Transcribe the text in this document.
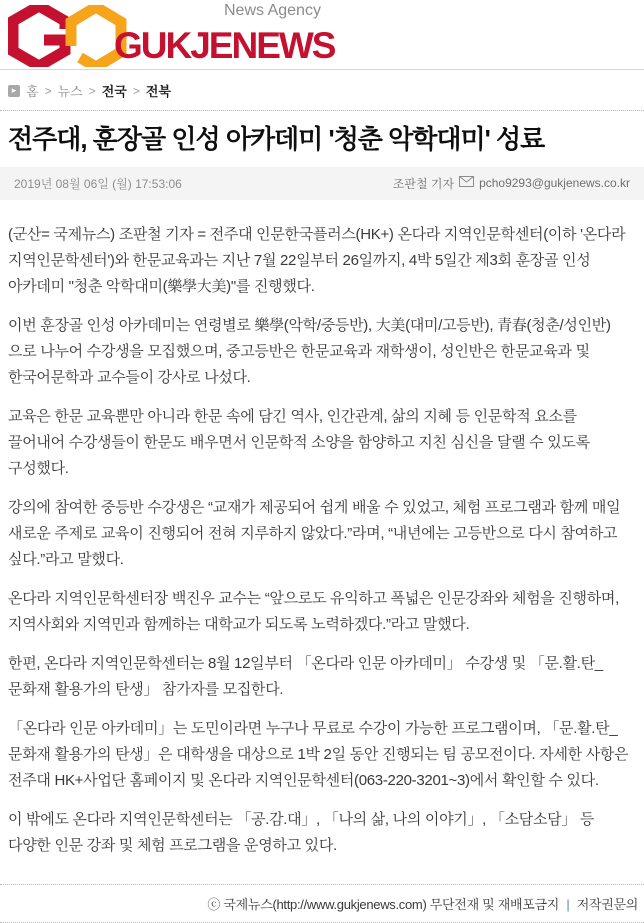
News Agency
GUKJENEWS
▸ 홈 > 뉴스 > 전국 > 전북
전주대, 훈장골 인성 아카데미 '청춘 악학대미' 성료
2019년 08월 06일 (월) 17:53:06	조판철 기자 pcho9293@gukjenews.co.kr

(군산= 국제뉴스) 조판철 기자 = 전주대 인문한국플러스(HK+) 온다라 지역인문학센터(이하 '온다라 지역인문학센터')와 한문교육과는 지난 7월 22일부터 26일까지, 4박 5일간 제3회 훈장골 인성 아카데미 "청춘 악학대미(樂學大美)"를 진행했다.

이번 훈장골 인성 아카데미는 연령별로 樂學(악학/중등반), 大美(대미/고등반), 青春(청춘/성인반)으로 나누어 수강생을 모집했으며, 중고등반은 한문교육과 재학생이, 성인반은 한문교육과 및 한국어문학과 교수들이 강사로 나섰다.

교육은 한문 교육뿐만 아니라 한문 속에 담긴 역사, 인간관계, 삶의 지혜 등 인문학적 요소를 끌어내어 수강생들이 한문도 배우면서 인문학적 소양을 함양하고 지친 심신을 달랠 수 있도록 구성했다.

강의에 참여한 중등반 수강생은 “교재가 제공되어 쉽게 배울 수 있었고, 체험 프로그램과 함께 매일 새로운 주제로 교육이 진행되어 전혀 지루하지 않았다.”라며, “내년에는 고등반으로 다시 참여하고 싶다.”라고 말했다.

온다라 지역인문학센터장 백진우 교수는 “앞으로도 유익하고 폭넓은 인문강좌와 체험을 진행하며, 지역사회와 지역민과 함께하는 대학교가 되도록 노력하겠다.”라고 말했다.

한편, 온다라 지역인문학센터는 8월 12일부터 「온다라 인문 아카데미」 수강생 및 「문.활.탄_문화재 활용가의 탄생」 참가자를 모집한다.

「온다라 인문 아카데미」는 도민이라면 누구나 무료로 수강이 가능한 프로그램이며, 「문.활.탄_문화재 활용가의 탄생」은 대학생을 대상으로 1박 2일 동안 진행되는 팀 공모전이다. 자세한 사항은 전주대 HK+사업단 홈페이지 및 온다라 지역인문학센터(063-220-3201~3)에서 확인할 수 있다.

이 밖에도 온다라 지역인문학센터는 「공.감.대」, 「나의 삶, 나의 이야기」, 「소담소담」 등 다양한 인문 강좌 및 체험 프로그램을 운영하고 있다.

ⓒ 국제뉴스(http://www.gukjenews.com) 무단전재 및 재배포금지 | 저작권문의
